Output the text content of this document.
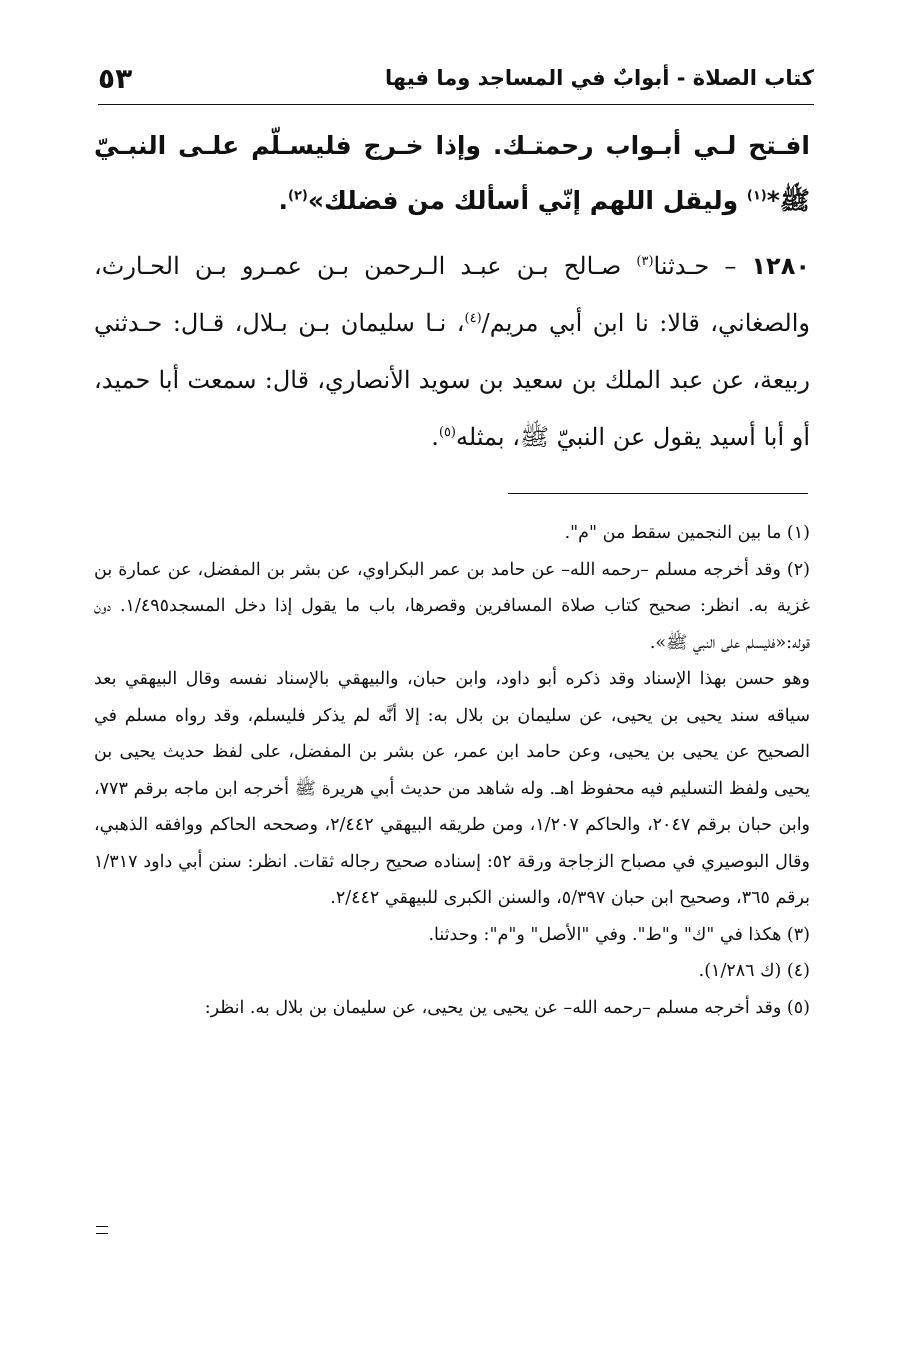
كتاب الصلاة - أبوابٌ في المساجد وما فيها
٥٣

افـتح لـي أبـواب رحمتـك. وإذا خـرج فليسـلّم علـى النبـيّ ﷺ*$^{(١)}$ وليقل اللهم إنّي أسألك من فضلك»$^{(٢)}$.

١٢٨٠ – حـدثنا$^{(٣)}$ صـالح بـن عبـد الـرحمن بـن عمـرو بـن الحـارث، والصغاني، قالا: نا ابن أبي مريم/$^{(٤)}$، نـا سليمان بـن بـلال، قـال: حـدثني ربيعة، عن عبد الملك بن سعيد بن سويد الأنصاري، قال: سمعت أبا حميد، أو أبا أسيد يقول عن النبيّ ﷺ، بمثله$^{(٥)}$.

(١) ما بين النجمين سقط من "م".

(٢) وقد أخرجه مسلم –رحمه الله– عن حامد بن عمر البكراوي، عن بشر بن المفضل، عن عمارة بن غزية به. انظر: صحيح كتاب صلاة المسافرين وقصرها، باب ما يقول إذا دخل المسجد١/٤٩٥. دون قوله:«فليسلم على النبي ﷺ».

وهو حسن بهذا الإسناد وقد ذكره أبو داود، وابن حبان، والبيهقي بالإسناد نفسه وقال البيهقي بعد سياقه سند يحيى بن يحيى، عن سليمان بن بلال به: إلا أنَّه لم يذكر فليسلم، وقد رواه مسلم في الصحيح عن يحيى بن يحيى، وعن حامد ابن عمر، عن بشر بن المفضل، على لفظ حديث يحيى بن يحيى ولفظ التسليم فيه محفوظ اهـ. وله شاهد من حديث أبي هريرة ﷺ أخرجه ابن ماجه برقم ٧٧٣، وابن حبان برقم ٢٠٤٧، والحاكم ١/٢٠٧، ومن طريقه البيهقي ٢/٤٤٢، وصححه الحاكم ووافقه الذهبي، وقال البوصيري في مصباح الزجاجة ورقة ٥٢: إسناده صحيح رجاله ثقات. انظر: سنن أبي داود ١/٣١٧ برقم ٣٦٥، وصحيح ابن حبان ٥/٣٩٧، والسنن الكبرى للبيهقي ٢/٤٤٢.

(٣) هكذا في "ك" و"ط". وفي "الأصل" و"م": وحدثنا.

(٤) (ك ١/٢٨٦).

(٥) وقد أخرجه مسلم –رحمه الله– عن يحيى ين يحيى، عن سليمان بن بلال به. انظر:
